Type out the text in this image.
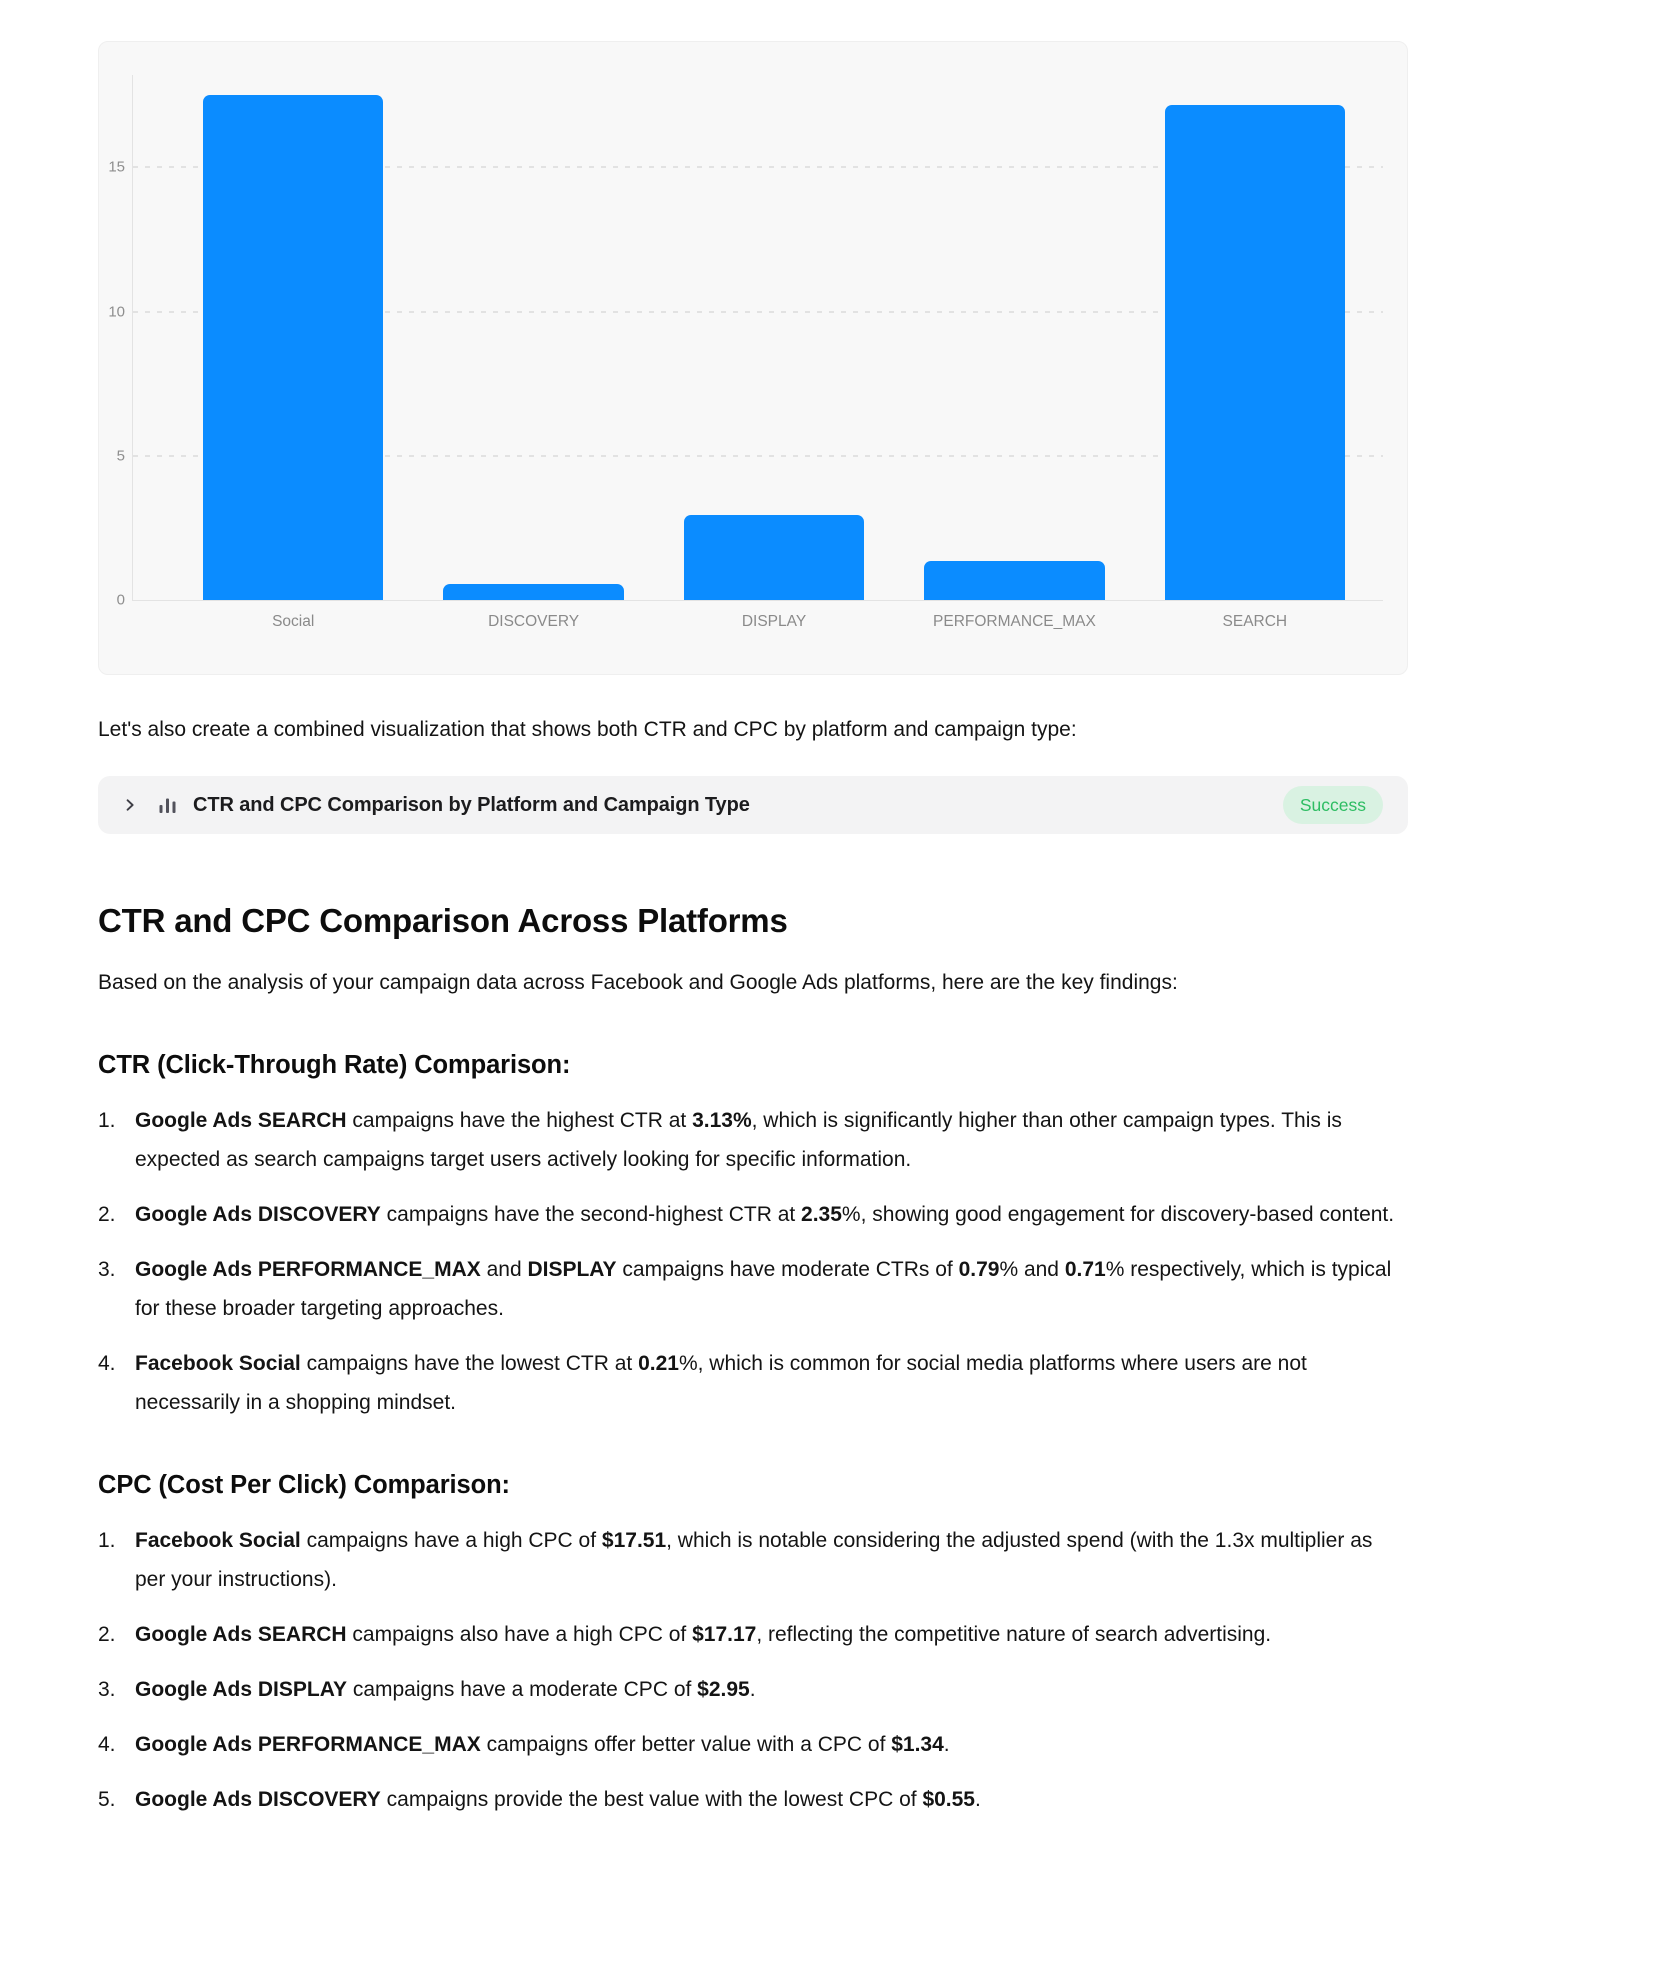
0
5
10
15
Social	DISCOVERY	DISPLAY	PERFORMANCE_MAX	SEARCH

Let's also create a combined visualization that shows both CTR and CPC by platform and campaign type:

CTR and CPC Comparison by Platform and Campaign Type	Success
CTR and CPC Comparison Across Platforms

Based on the analysis of your campaign data across Facebook and Google Ads platforms, here are the key findings:

CTR (Click-Through Rate) Comparison:
1. Google Ads SEARCH campaigns have the highest CTR at 3.13%, which is significantly higher than other campaign types. This is expected as search campaigns target users actively looking for specific information.
2. Google Ads DISCOVERY campaigns have the second-highest CTR at 2.35%, showing good engagement for discovery-based content.
3. Google Ads PERFORMANCE_MAX and DISPLAY campaigns have moderate CTRs of 0.79% and 0.71% respectively, which is typical for these broader targeting approaches.
4. Facebook Social campaigns have the lowest CTR at 0.21%, which is common for social media platforms where users are not necessarily in a shopping mindset.
CPC (Cost Per Click) Comparison:
1. Facebook Social campaigns have a high CPC of $17.51, which is notable considering the adjusted spend (with the 1.3x multiplier as per your instructions).
2. Google Ads SEARCH campaigns also have a high CPC of $17.17, reflecting the competitive nature of search advertising.
3. Google Ads DISPLAY campaigns have a moderate CPC of $2.95.
4. Google Ads PERFORMANCE_MAX campaigns offer better value with a CPC of $1.34.
5. Google Ads DISCOVERY campaigns provide the best value with the lowest CPC of $0.55.
